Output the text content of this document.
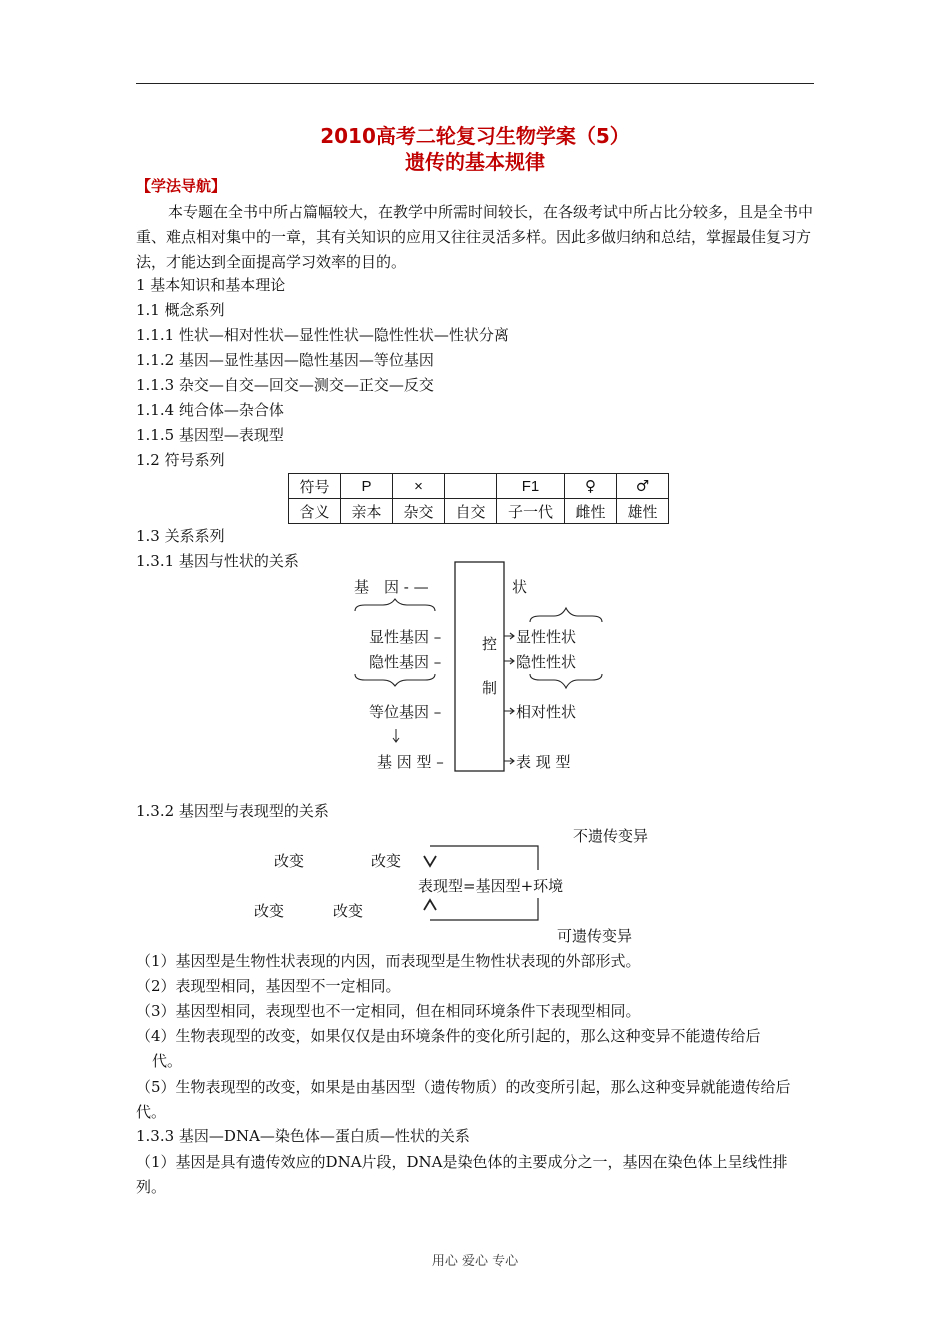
2010高考二轮复习生物学案（5）
遗传的基本规律
【学法导航】
本专题在全书中所占篇幅较大，在教学中所需时间较长，在各级考试中所占比分较多，且是全书中重、难点相对集中的一章，其有关知识的应用又往往灵活多样。因此多做归纳和总结，掌握最佳复习方法，才能达到全面提高学习效率的目的。
1 基本知识和基本理论
1.1 概念系列
1.1.1 性状—相对性状—显性性状—隐性性状—性状分离
1.1.2 基因—显性基因—隐性基因—等位基因
1.1.3 杂交—自交—回交—测交—正交—反交
1.1.4 纯合体—杂合体
1.1.5 基因型—表现型
1.2 符号系列
符号	P	×		F1	♀	♂
含义	亲本	杂交	自交	子一代	雌性	雄性
1.3 关系系列
1.3.1 基因与性状的关系
基　因 - —	状
显性基因 –
隐性基因 –
控
制
显性性状
隐性性状
等位基因 –	相对性状
基 因 型 –	表 现 型
1.3.2 基因型与表现型的关系
不遗传变异
改变	改变
表现型=基因型+环境
改变	改变
可遗传变异
（1）基因型是生物性状表现的内因，而表现型是生物性状表现的外部形式。
（2）表现型相同，基因型不一定相同。
（3）基因型相同，表现型也不一定相同，但在相同环境条件下表现型相同。
（4）生物表现型的改变，如果仅仅是由环境条件的变化所引起的，那么这种变异不能遗传给后
代。
（5）生物表现型的改变，如果是由基因型（遗传物质）的改变所引起，那么这种变异就能遗传给后代。
1.3.3 基因—DNA—染色体—蛋白质—性状的关系
（1）基因是具有遗传效应的DNA片段，DNA是染色体的主要成分之一，基因在染色体上呈线性排列。
用心 爱心 专心
